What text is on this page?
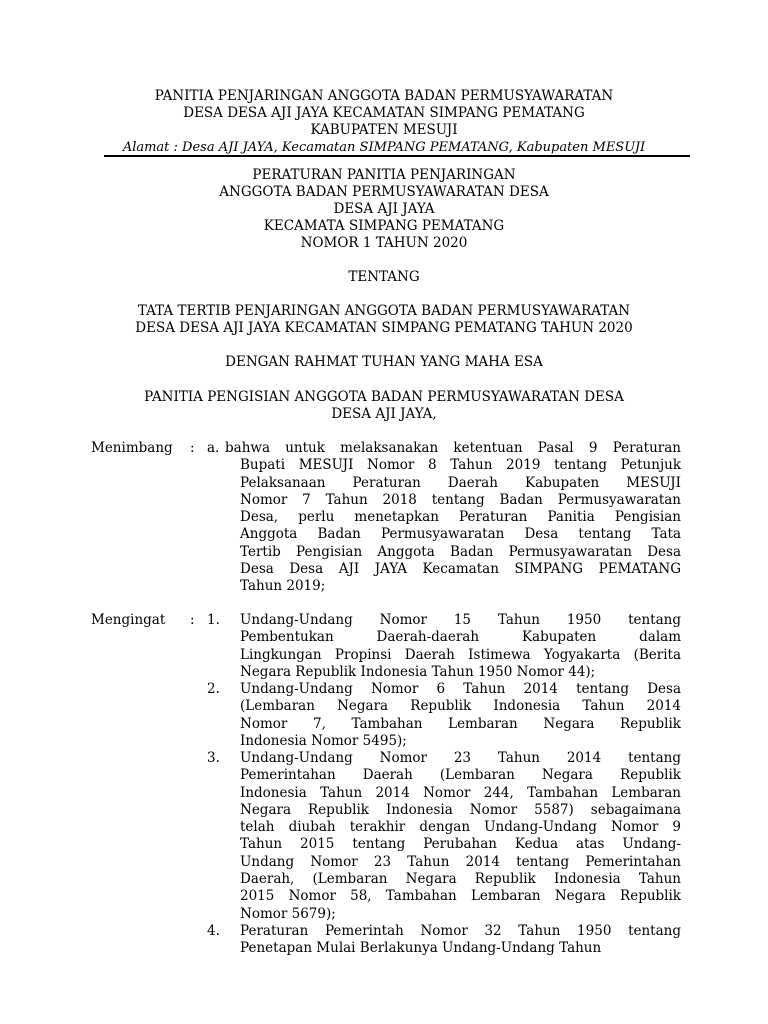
PANITIA PENJARINGAN ANGGOTA BADAN PERMUSYAWARATAN
DESA DESA AJI JAYA KECAMATAN SIMPANG PEMATANG
KABUPATEN MESUJI
Alamat : Desa AJI JAYA, Kecamatan SIMPANG PEMATANG, Kabupaten MESUJI
PERATURAN PANITIA PENJARINGAN
ANGGOTA BADAN PERMUSYAWARATAN DESA
DESA AJI JAYA
KECAMATA SIMPANG PEMATANG
NOMOR 1 TAHUN 2020
TENTANG
TATA TERTIB PENJARINGAN ANGGOTA BADAN PERMUSYAWARATAN
DESA DESA AJI JAYA KECAMATAN SIMPANG PEMATANG TAHUN 2020
DENGAN RAHMAT TUHAN YANG MAHA ESA
PANITIA PENGISIAN ANGGOTA BADAN PERMUSYAWARATAN DESA
DESA AJI JAYA,
Menimbang : a. bahwa untuk melaksanakan ketentuan Pasal 9 Peraturan
Bupati MESUJI Nomor 8 Tahun 2019 tentang Petunjuk
Pelaksanaan Peraturan Daerah Kabupaten MESUJI
Nomor 7 Tahun 2018 tentang Badan Permusyawaratan
Desa, perlu menetapkan Peraturan Panitia Pengisian
Anggota Badan Permusyawaratan Desa tentang Tata
Tertib Pengisian Anggota Badan Permusyawaratan Desa
Desa Desa AJI JAYA Kecamatan SIMPANG PEMATANG
Tahun 2019;
Mengingat : 1. Undang-Undang Nomor 15 Tahun 1950 tentang
Pembentukan Daerah-daerah Kabupaten dalam
Lingkungan Propinsi Daerah Istimewa Yogyakarta (Berita
Negara Republik Indonesia Tahun 1950 Nomor 44);
2. Undang-Undang Nomor 6 Tahun 2014 tentang Desa
(Lembaran Negara Republik Indonesia Tahun 2014
Nomor 7, Tambahan Lembaran Negara Republik
Indonesia Nomor 5495);
3. Undang-Undang Nomor 23 Tahun 2014 tentang
Pemerintahan Daerah (Lembaran Negara Republik
Indonesia Tahun 2014 Nomor 244, Tambahan Lembaran
Negara Republik Indonesia Nomor 5587) sebagaimana
telah diubah terakhir dengan Undang-Undang Nomor 9
Tahun 2015 tentang Perubahan Kedua atas Undang-
Undang Nomor 23 Tahun 2014 tentang Pemerintahan
Daerah, (Lembaran Negara Republik Indonesia Tahun
2015 Nomor 58, Tambahan Lembaran Negara Republik
Nomor 5679);
4. Peraturan Pemerintah Nomor 32 Tahun 1950 tentang
Penetapan Mulai Berlakunya Undang-Undang Tahun
